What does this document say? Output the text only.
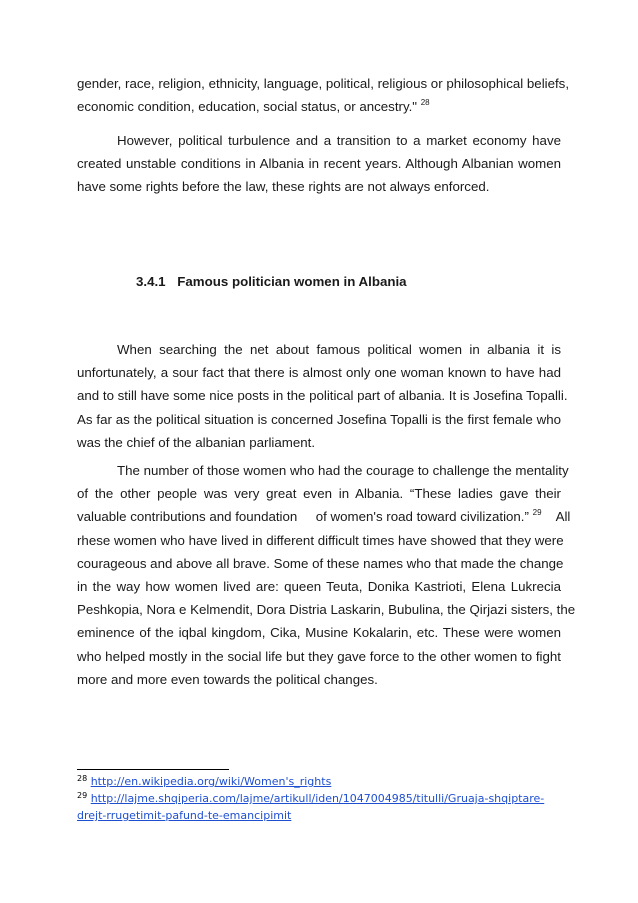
gender, race, religion, ethnicity, language, political, religious or philosophical beliefs,
economic condition, education, social status, or ancestry." $^{28}$
However, political turbulence and a transition to a market economy have
created unstable conditions in Albania in recent years. Although Albanian women
have some rights before the law, these rights are not always enforced.
3.4.1 Famous politician women in Albania
When searching the net about famous political women in albania it is
unfortunately, a sour fact that there is almost only one woman known to have had
and to still have some nice posts in the political part of albania. It is Josefina Topalli.
As far as the political situation is concerned Josefina Topalli is the first female who
was the chief of the albanian parliament.
The number of those women who had the courage to challenge the mentality
of the other people was very great even in Albania. “These ladies gave their
valuable contributions and foundation     of women's road toward civilization.” $^{29}$ All
rhese women who have lived in different difficult times have showed that they were
courageous and above all brave. Some of these names who that made the change
in the way how women lived are: queen Teuta, Donika Kastrioti, Elena Lukrecia
Peshkopia, Nora e Kelmendit, Dora Distria Laskarin, Bubulina, the Qirjazi sisters, the
eminence of the iqbal kingdom, Cika, Musine Kokalarin, etc. These were women
who helped mostly in the social life but they gave force to the other women to fight
more and more even towards the political changes.
$^{28}$ http://en.wikipedia.org/wiki/Women's_rights
$^{29}$ http://lajme.shqiperia.com/lajme/artikull/iden/1047004985/titulli/Gruaja-shqiptare-
drejt-rrugetimit-pafund-te-emancipimit
